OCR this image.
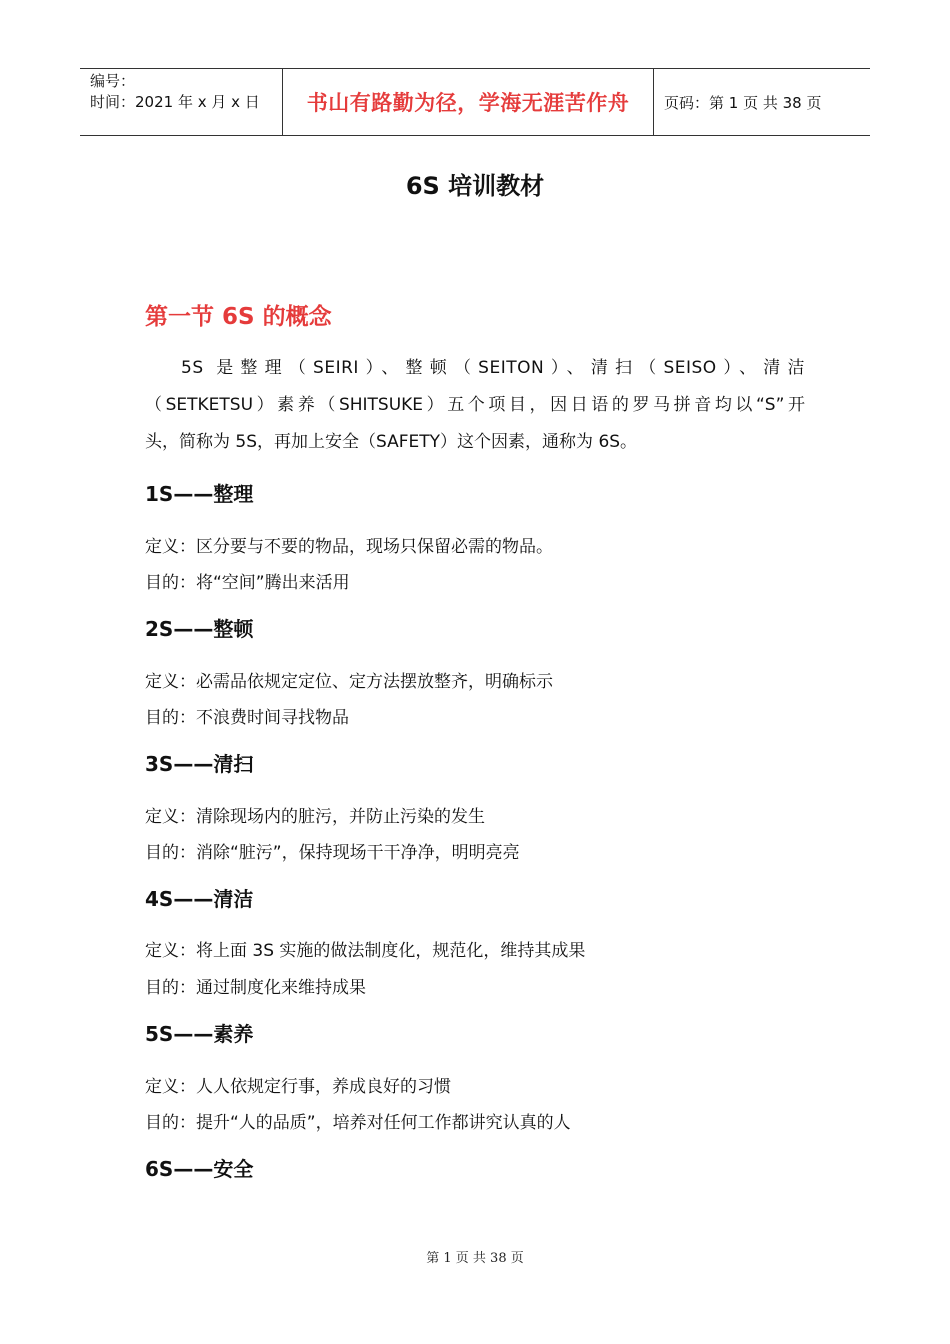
编号：
时间：2021 年 x 月 x 日	书山有路勤为径，学海无涯苦作舟	页码：第 1 页 共 38 页
6S 培训教材
第一节 6S 的概念

5S 是整理（SEIRI）、整顿（SEITON）、清扫（SEISO）、清洁
（SETKETSU）素养（SHITSUKE）五个项目，因日语的罗马拼音均以“S”开
头，简称为 5S，再加上安全（SAFETY）这个因素，通称为 6S。

1S——整理

定义：区分要与不要的物品，现场只保留必需的物品。

目的：将“空间”腾出来活用

2S——整顿

定义：必需品依规定定位、定方法摆放整齐，明确标示

目的：不浪费时间寻找物品

3S——清扫

定义：清除现场内的脏污，并防止污染的发生

目的：消除“脏污”，保持现场干干净净，明明亮亮

4S——清洁

定义：将上面 3S 实施的做法制度化，规范化，维持其成果

目的：通过制度化来维持成果

5S——素养

定义：人人依规定行事，养成良好的习惯

目的：提升“人的品质”，培养对任何工作都讲究认真的人

6S——安全
第 1 页 共 38 页
